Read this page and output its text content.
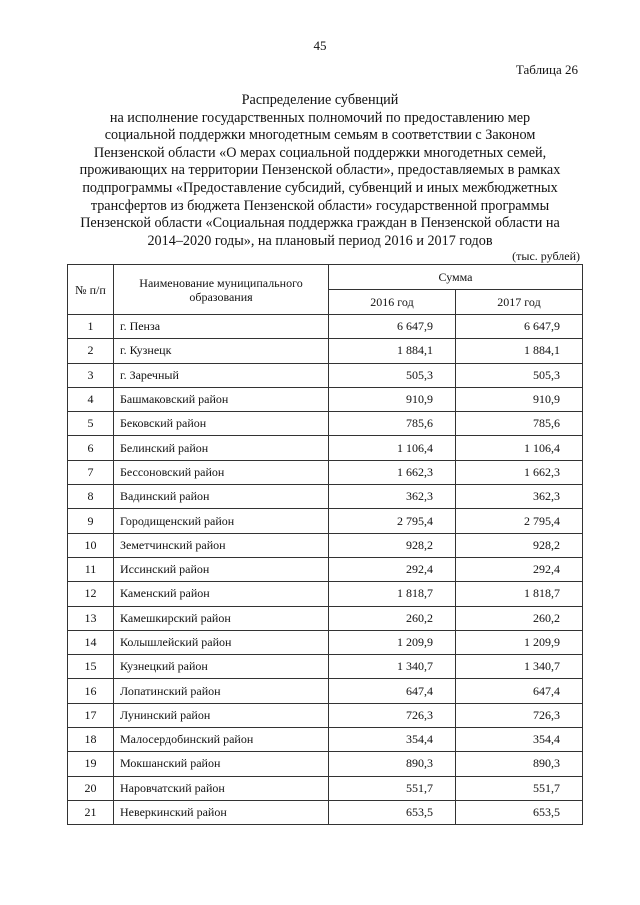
45
Таблица 26
Распределение субвенций
на исполнение государственных полномочий по предоставлению мер
социальной поддержки многодетным семьям в соответствии с Законом
Пензенской области «О мерах социальной поддержки многодетных семей,
проживающих на территории Пензенской области», предоставляемых в рамках
подпрограммы «Предоставление субсидий, субвенций и иных межбюджетных
трансфертов из бюджета Пензенской области» государственной программы
Пензенской области «Социальная поддержка граждан в Пензенской области на
2014–2020 годы», на плановый период 2016 и 2017 годов
(тыс. рублей)
№ п/п	Наименование муниципального образования	Сумма	
		2016 год	2017 год
1	г. Пенза	6 647,9	6 647,9
2	г. Кузнецк	1 884,1	1 884,1
3	г. Заречный	505,3	505,3
4	Башмаковский район	910,9	910,9
5	Бековский район	785,6	785,6
6	Белинский район	1 106,4	1 106,4
7	Бессоновский район	1 662,3	1 662,3
8	Вадинский район	362,3	362,3
9	Городищенский район	2 795,4	2 795,4
10	Земетчинский район	928,2	928,2
11	Иссинский район	292,4	292,4
12	Каменский район	1 818,7	1 818,7
13	Камешкирский район	260,2	260,2
14	Колышлейский район	1 209,9	1 209,9
15	Кузнецкий район	1 340,7	1 340,7
16	Лопатинский район	647,4	647,4
17	Лунинский район	726,3	726,3
18	Малосердобинский район	354,4	354,4
19	Мокшанский район	890,3	890,3
20	Наровчатский район	551,7	551,7
21	Неверкинский район	653,5	653,5
